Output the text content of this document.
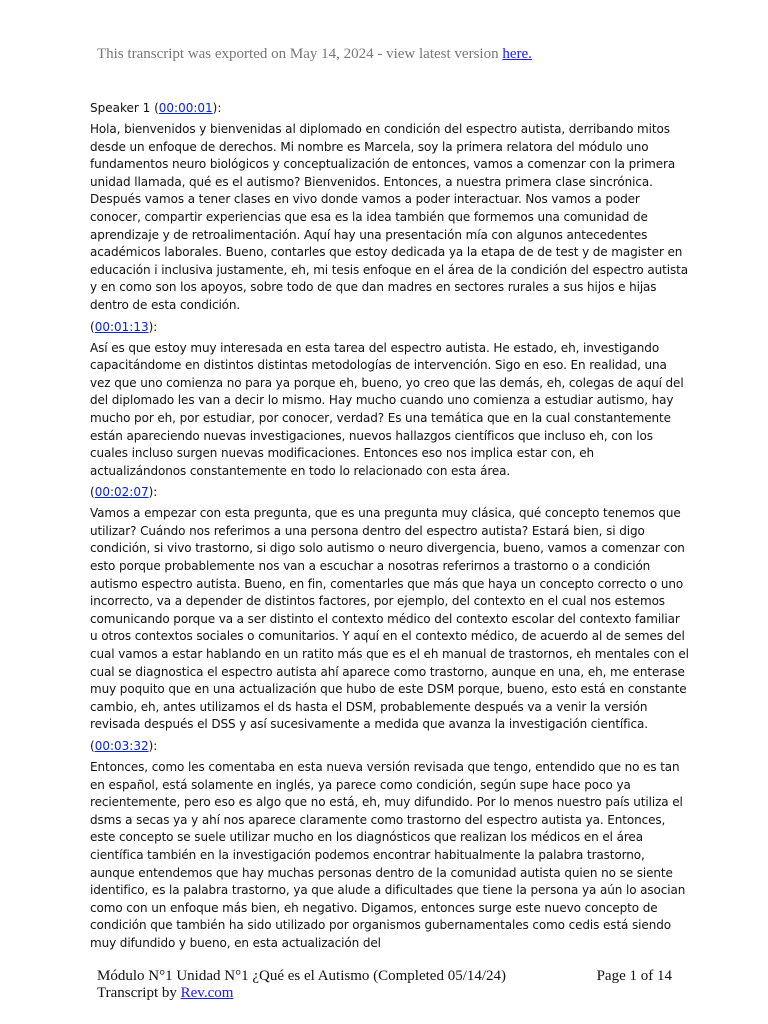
This transcript was exported on May 14, 2024 - view latest version here.

Speaker 1 (00:00:01):

Hola, bienvenidos y bienvenidas al diplomado en condición del espectro autista, derribando mitos desde un enfoque de derechos. Mi nombre es Marcela, soy la primera relatora del módulo uno fundamentos neuro biológicos y conceptualización de entonces, vamos a comenzar con la primera unidad llamada, qué es el autismo? Bienvenidos. Entonces, a nuestra primera clase sincrónica. Después vamos a tener clases en vivo donde vamos a poder interactuar. Nos vamos a poder conocer, compartir experiencias que esa es la idea también que formemos una comunidad de aprendizaje y de retroalimentación. Aquí hay una presentación mía con algunos antecedentes académicos laborales. Bueno, contarles que estoy dedicada ya la etapa de de test y de magister en educación i inclusiva justamente, eh, mi tesis enfoque en el área de la condición del espectro autista y en como son los apoyos, sobre todo de que dan madres en sectores rurales a sus hijos e hijas dentro de esta condición.

(00:01:13):

Así es que estoy muy interesada en esta tarea del espectro autista. He estado, eh, investigando capacitándome en distintos distintas metodologías de intervención. Sigo en eso. En realidad, una vez que uno comienza no para ya porque eh, bueno, yo creo que las demás, eh, colegas de aquí del del diplomado les van a decir lo mismo. Hay mucho cuando uno comienza a estudiar autismo, hay mucho por eh, por estudiar, por conocer, verdad? Es una temática que en la cual constantemente están apareciendo nuevas investigaciones, nuevos hallazgos científicos que incluso eh, con los cuales incluso surgen nuevas modificaciones. Entonces eso nos implica estar con, eh actualizándonos constantemente en todo lo relacionado con esta área.

(00:02:07):

Vamos a empezar con esta pregunta, que es una pregunta muy clásica, qué concepto tenemos que utilizar? Cuándo nos referimos a una persona dentro del espectro autista? Estará bien, si digo condición, si vivo trastorno, si digo solo autismo o neuro divergencia, bueno, vamos a comenzar con esto porque probablemente nos van a escuchar a nosotras referirnos a trastorno o a condición autismo espectro autista. Bueno, en fin, comentarles que más que haya un concepto correcto o uno incorrecto, va a depender de distintos factores, por ejemplo, del contexto en el cual nos estemos comunicando porque va a ser distinto el contexto médico del contexto escolar del contexto familiar u otros contextos sociales o comunitarios. Y aquí en el contexto médico, de acuerdo al de semes del cual vamos a estar hablando en un ratito más que es el eh manual de trastornos, eh mentales con el cual se diagnostica el espectro autista ahí aparece como trastorno, aunque en una, eh, me enterase muy poquito que en una actualización que hubo de este DSM porque, bueno, esto está en constante cambio, eh, antes utilizamos el ds hasta el DSM, probablemente después va a venir la versión revisada después el DSS y así sucesivamente a medida que avanza la investigación científica.

(00:03:32):

Entonces, como les comentaba en esta nueva versión revisada que tengo, entendido que no es tan en español, está solamente en inglés, ya parece como condición, según supe hace poco ya recientemente, pero eso es algo que no está, eh, muy difundido. Por lo menos nuestro país utiliza el dsms a secas ya y ahí nos aparece claramente como trastorno del espectro autista ya. Entonces, este concepto se suele utilizar mucho en los diagnósticos que realizan los médicos en el área científica también en la investigación podemos encontrar habitualmente la palabra trastorno, aunque entendemos que hay muchas personas dentro de la comunidad autista quien no se siente identifico, es la palabra trastorno, ya que alude a dificultades que tiene la persona ya aún lo asocian como con un enfoque más bien, eh negativo. Digamos, entonces surge este nuevo concepto de condición que también ha sido utilizado por organismos gubernamentales como cedis está siendo muy difundido y bueno, en esta actualización del

Módulo N°1 Unidad N°1 ¿Qué es el Autismo (Completed 05/14/24)	Page 1 of 14
Transcript by Rev.com
